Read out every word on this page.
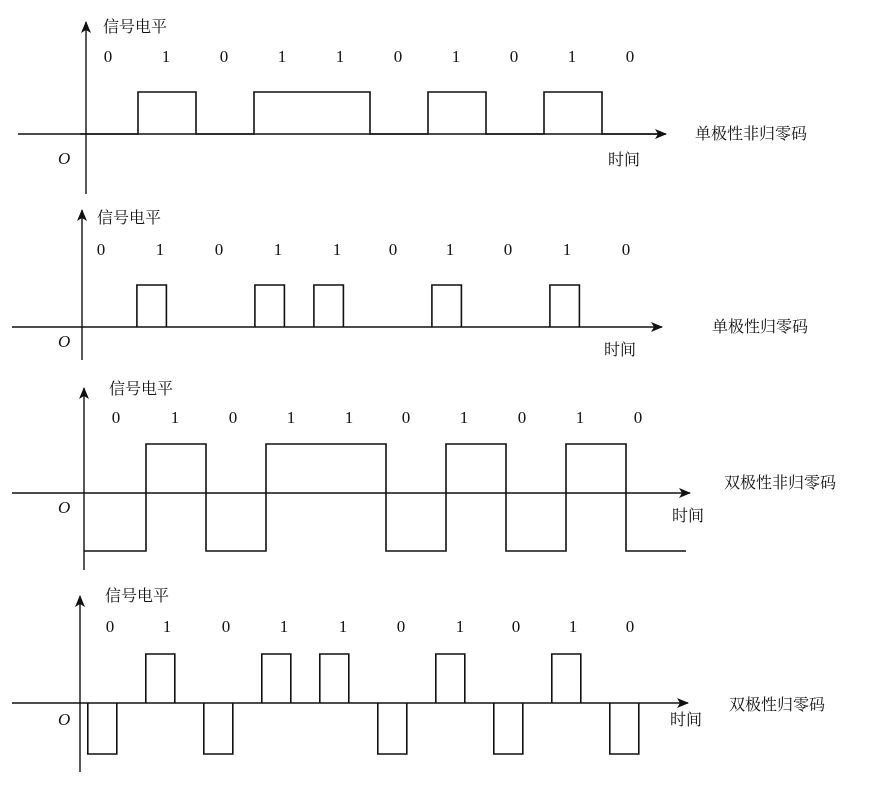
信号电平
O	时间
单极性非归零码
0	1	0	1	1	0	1	0	1	0
信号电平
O	时间
单极性归零码
0	1	0	1	1	0	1	0	1	0
信号电平
O	时间
双极性非归零码
0	1	0	1	1	0	1	0	1	0
信号电平
O	时间
双极性归零码
0	1	0	1	1	0	1	0	1	0
